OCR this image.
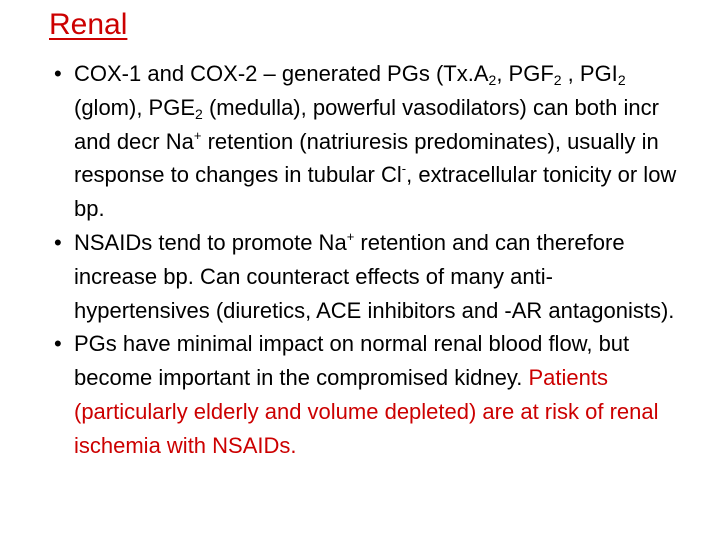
Renal
• COX-1 and COX-2 – generated PGs ($Tx.A_2$, $PGF_2$ , $PGI_2$ (glom), $PGE_2$ (medulla), powerful vasodilators) can both incr and decr Na+ retention (natriuresis predominates), usually in response to changes in tubular Cl-, extracellular tonicity or low bp.
• NSAIDs tend to promote Na+ retention and can therefore increase bp. Can counteract effects of many anti-hypertensives (diuretics, ACE inhibitors and -AR antagonists).
• PGs have minimal impact on normal renal blood flow, but become important in the compromised kidney. Patients (particularly elderly and volume depleted) are at risk of renal ischemia with NSAIDs.
